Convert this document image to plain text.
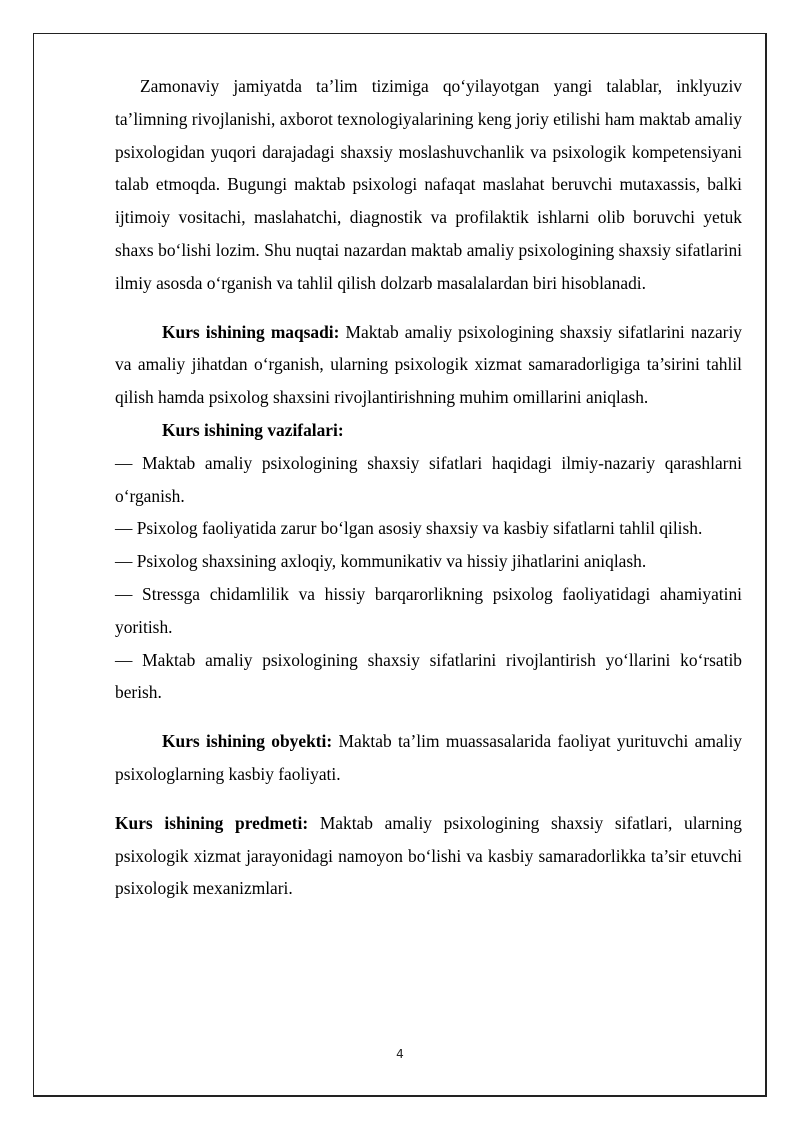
Zamonaviy jamiyatda ta’lim tizimiga qo‘yilayotgan yangi talablar, inklyuziv ta’limning rivojlanishi, axborot texnologiyalarining keng joriy etilishi ham maktab amaliy psixologidan yuqori darajadagi shaxsiy moslashuvchanlik va psixologik kompetensiyani talab etmoqda. Bugungi maktab psixologi nafaqat maslahat beruvchi mutaxassis, balki ijtimoiy vositachi, maslahatchi, diagnostik va profilaktik ishlarni olib boruvchi yetuk shaxs bo‘lishi lozim. Shu nuqtai nazardan maktab amaliy psixologining shaxsiy sifatlarini ilmiy asosda o‘rganish va tahlil qilish dolzarb masalalardan biri hisoblanadi.

Kurs ishining maqsadi: Maktab amaliy psixologining shaxsiy sifatlarini nazariy va amaliy jihatdan o‘rganish, ularning psixologik xizmat samaradorligiga ta’sirini tahlil qilish hamda psixolog shaxsini rivojlantirishning muhim omillarini aniqlash.

Kurs ishining vazifalari:

— Maktab amaliy psixologining shaxsiy sifatlari haqidagi ilmiy-nazariy qarashlarni o‘rganish.

— Psixolog faoliyatida zarur bo‘lgan asosiy shaxsiy va kasbiy sifatlarni tahlil qilish.

— Psixolog shaxsining axloqiy, kommunikativ va hissiy jihatlarini aniqlash.

— Stressga chidamlilik va hissiy barqarorlikning psixolog faoliyatidagi ahamiyatini yoritish.

— Maktab amaliy psixologining shaxsiy sifatlarini rivojlantirish yo‘llarini ko‘rsatib berish.

Kurs ishining obyekti: Maktab ta’lim muassasalarida faoliyat yurituvchi amaliy psixologlarning kasbiy faoliyati.

Kurs ishining predmeti: Maktab amaliy psixologining shaxsiy sifatlari, ularning psixologik xizmat jarayonidagi namoyon bo‘lishi va kasbiy samaradorlikka ta’sir etuvchi psixologik mexanizmlari.

4
